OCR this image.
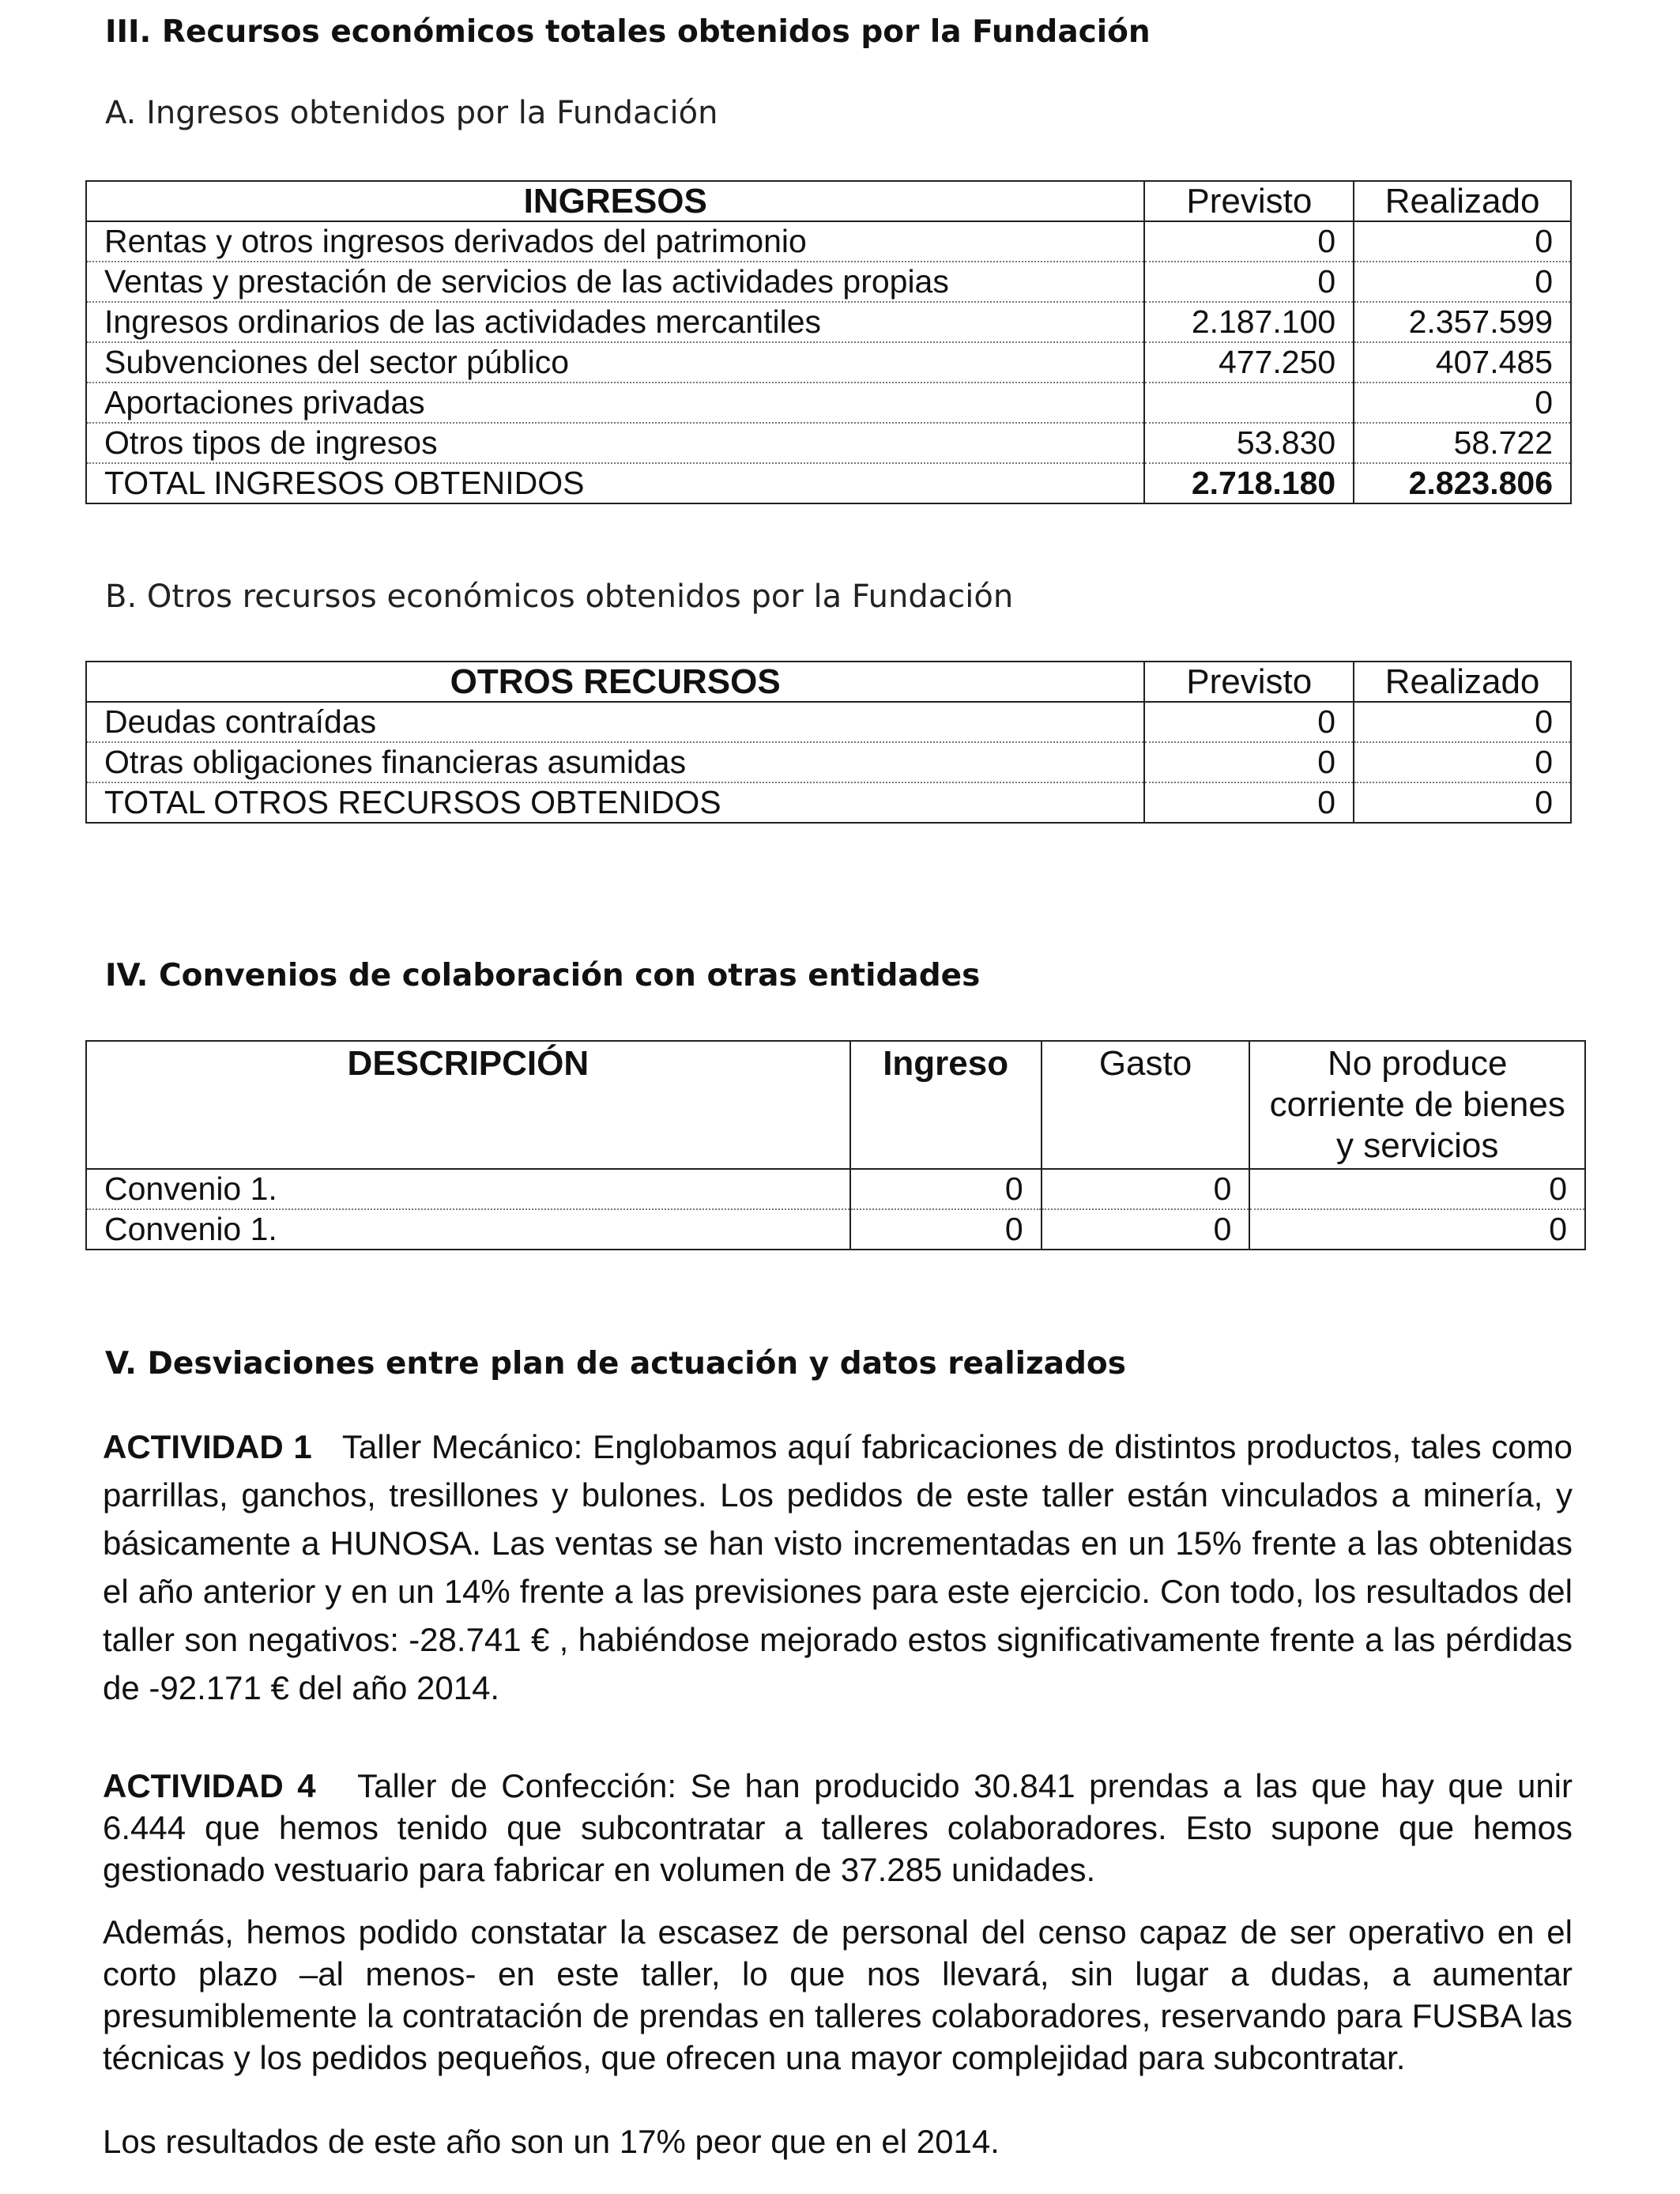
III. Recursos económicos totales obtenidos por la Fundación

A. Ingresos obtenidos por la Fundación

INGRESOS	Previsto	Realizado
Rentas y otros ingresos derivados del patrimonio	0	0
Ventas y prestación de servicios de las actividades propias	0	0
Ingresos ordinarios de las actividades mercantiles	2.187.100	2.357.599
Subvenciones del sector público	477.250	407.485
Aportaciones privadas		0
Otros tipos de ingresos	53.830	58.722
TOTAL INGRESOS OBTENIDOS	2.718.180	2.823.806

B. Otros recursos económicos obtenidos por la Fundación

OTROS RECURSOS	Previsto	Realizado
Deudas contraídas	0	0
Otras obligaciones financieras asumidas	0	0
TOTAL OTROS RECURSOS OBTENIDOS	0	0
IV. Convenios de colaboración con otras entidades
DESCRIPCIÓN	Ingreso	Gasto	No produce corriente de bienes y servicios
Convenio 1.	0	0	0
Convenio 1.	0	0	0
V. Desviaciones entre plan de actuación y datos realizados

ACTIVIDAD 1 Taller Mecánico: Englobamos aquí fabricaciones de distintos productos, tales como parrillas, ganchos, tresillones y bulones. Los pedidos de este taller están vinculados a minería, y básicamente a HUNOSA. Las ventas se han visto incrementadas en un 15% frente a las obtenidas el año anterior y en un 14% frente a las previsiones para este ejercicio. Con todo, los resultados del taller son negativos: -28.741 € , habiéndose mejorado estos significativamente frente a las pérdidas de -92.171 € del año 2014.

ACTIVIDAD 4 Taller de Confección: Se han producido 30.841 prendas a las que hay que unir 6.444 que hemos tenido que subcontratar a talleres colaboradores. Esto supone que hemos gestionado vestuario para fabricar en volumen de 37.285 unidades.

Además, hemos podido constatar la escasez de personal del censo capaz de ser operativo en el corto plazo –al menos- en este taller, lo que nos llevará, sin lugar a dudas, a aumentar presumiblemente la contratación de prendas en talleres colaboradores, reservando para FUSBA las técnicas y los pedidos pequeños, que ofrecen una mayor complejidad para subcontratar.

Los resultados de este año son un 17% peor que en el 2014.
